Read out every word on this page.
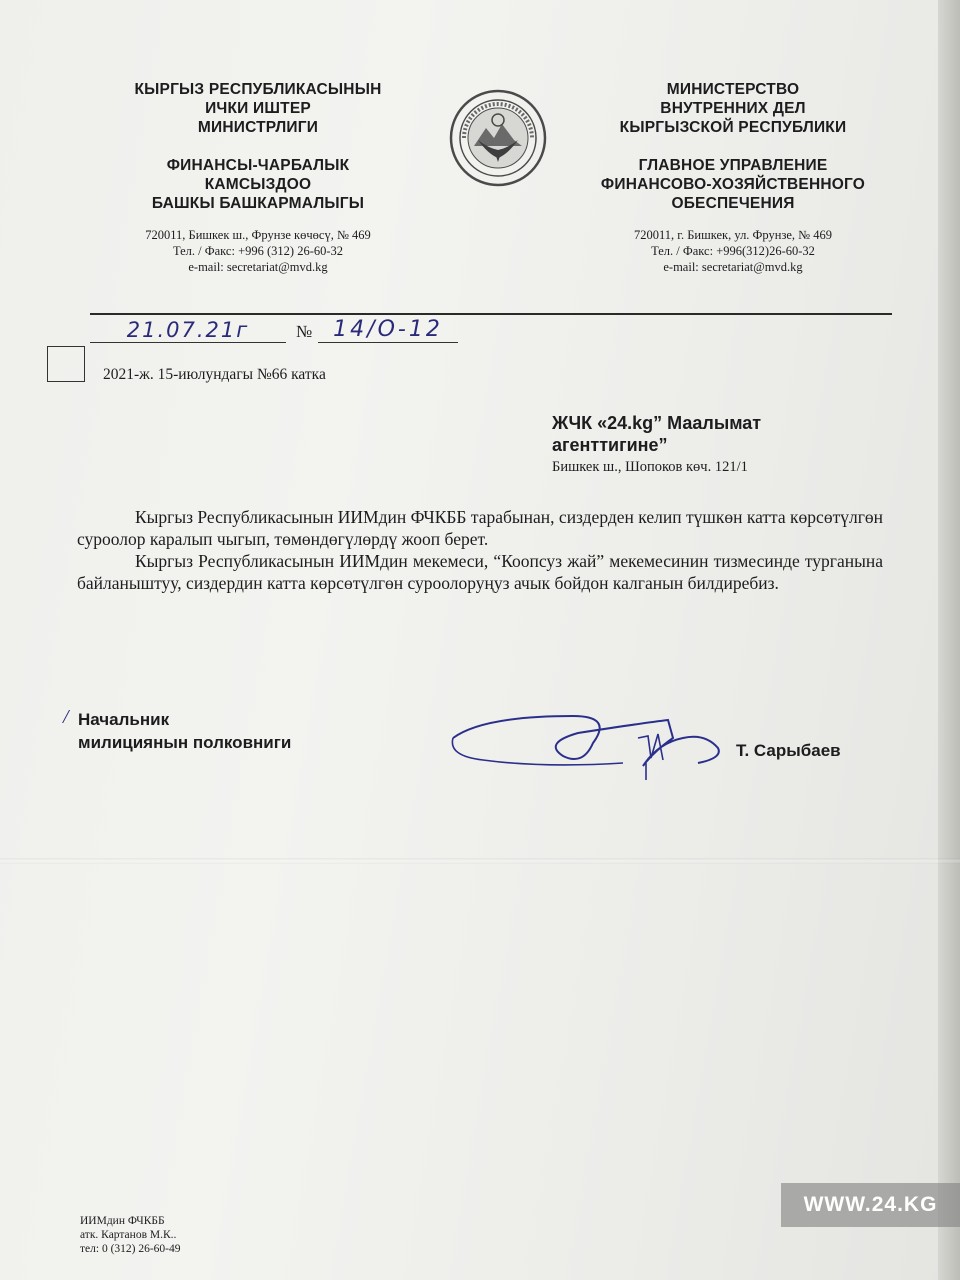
КЫРГЫЗ РЕСПУБЛИКАСЫНЫН
ИЧКИ ИШТЕР
МИНИСТРЛИГИ
ФИНАНСЫ-ЧАРБАЛЫК
КАМСЫЗДОО
БАШКЫ БАШКАРМАЛЫГЫ
720011, Бишкек ш., Фрунзе көчөсү, № 469
Тел. / Факс: +996 (312) 26-60-32
e-mail: secretariat@mvd.kg
МИНИСТЕРСТВО
ВНУТРЕННИХ ДЕЛ
КЫРГЫЗСКОЙ РЕСПУБЛИКИ
ГЛАВНОЕ УПРАВЛЕНИЕ
ФИНАНСОВО-ХОЗЯЙСТВЕННОГО
ОБЕСПЕЧЕНИЯ
720011, г. Бишкек, ул. Фрунзе, № 469
Тел. / Факс: +996(312)26-60-32
e-mail: secretariat@mvd.kg
21.07.21г	№ 14/О-12
2021-ж. 15-июлундагы №66 катка
ЖЧК «24.kg” Маалымат
агенттигине”
Бишкек ш., Шопоков көч. 121/1

Кыргыз Республикасынын ИИМдин ФЧКББ тарабынан, сиздерден келип түшкөн катта көрсөтүлгөн суроолор каралып чыгып, төмөндөгүлөрдү жооп берет.

Кыргыз Республикасынын ИИМдин мекемеси, “Коопсуз жай” мекемесинин тизмесинде турганына байланыштуу, сиздердин катта көрсөтүлгөн суроолоруңуз ачык бойдон калганын билдиребиз.

/ Начальник
милициянын полковниги	Т. Сарыбаев
ИИМдин ФЧКББ
атк. Картанов М.К..
тел: 0 (312) 26-60-49
WWW.24.KG
